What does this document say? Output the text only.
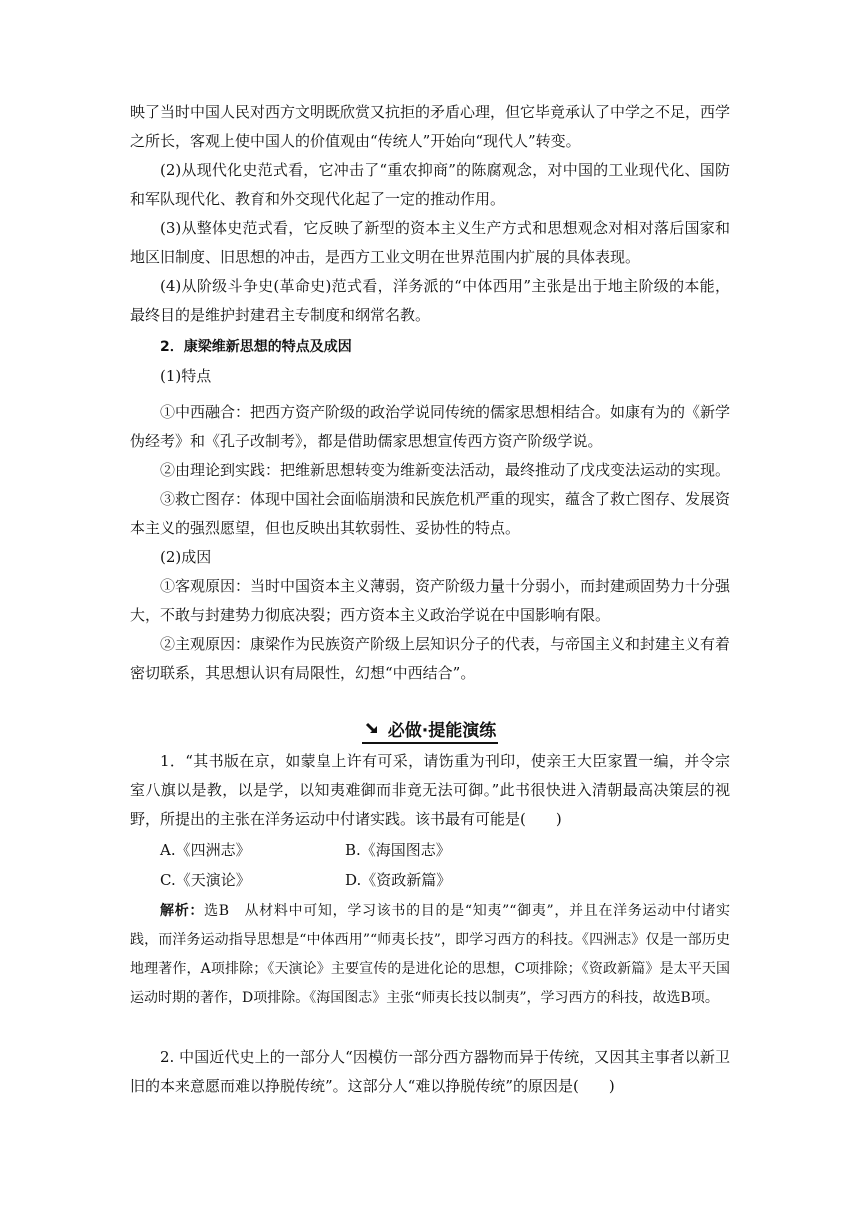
映了当时中国人民对西方文明既欣赏又抗拒的矛盾心理，但它毕竟承认了中学之不足，西学之所长，客观上使中国人的价值观由“传统人”开始向“现代人”转变。

(2)从现代化史范式看，它冲击了“重农抑商”的陈腐观念，对中国的工业现代化、国防和军队现代化、教育和外交现代化起了一定的推动作用。

(3)从整体史范式看，它反映了新型的资本主义生产方式和思想观念对相对落后国家和地区旧制度、旧思想的冲击，是西方工业文明在世界范围内扩展的具体表现。

(4)从阶级斗争史(革命史)范式看，洋务派的“中体西用”主张是出于地主阶级的本能，最终目的是维护封建君主专制度和纲常名教。

2．康梁维新思想的特点及成因

(1)特点

①中西融合：把西方资产阶级的政治学说同传统的儒家思想相结合。如康有为的《新学伪经考》和《孔子改制考》，都是借助儒家思想宣传西方资产阶级学说。

②由理论到实践：把维新思想转变为维新变法活动，最终推动了戊戌变法运动的实现。

③救亡图存：体现中国社会面临崩溃和民族危机严重的现实，蕴含了救亡图存、发展资本主义的强烈愿望，但也反映出其软弱性、妥协性的特点。

(2)成因

①客观原因：当时中国资本主义薄弱，资产阶级力量十分弱小，而封建顽固势力十分强大，不敢与封建势力彻底决裂；西方资本主义政治学说在中国影响有限。

②主观原因：康梁作为民族资产阶级上层知识分子的代表，与帝国主义和封建主义有着密切联系，其思想认识有局限性，幻想“中西结合”。

必做·提能演练

1．“其书版在京，如蒙皇上许有可采，请饬重为刊印，使亲王大臣家置一编，并令宗室八旗以是教，以是学，以知夷难御而非竟无法可御。”此书很快进入清朝最高决策层的视野，所提出的主张在洋务运动中付诸实践。该书最有可能是(　　)

A.《四洲志》	B.《海国图志》
C.《天演论》	D.《资政新篇》

解析：选B　从材料中可知，学习该书的目的是“知夷”“御夷”，并且在洋务运动中付诸实践，而洋务运动指导思想是“中体西用”“师夷长技”，即学习西方的科技。《四洲志》仅是一部历史地理著作，A项排除；《天演论》主要宣传的是进化论的思想，C项排除；《资政新篇》是太平天国运动时期的著作，D项排除。《海国图志》主张“师夷长技以制夷”，学习西方的科技，故选B项。

2. 中国近代史上的一部分人“因模仿一部分西方器物而异于传统，又因其主事者以新卫旧的本来意愿而难以挣脱传统”。这部分人“难以挣脱传统”的原因是(　　)
